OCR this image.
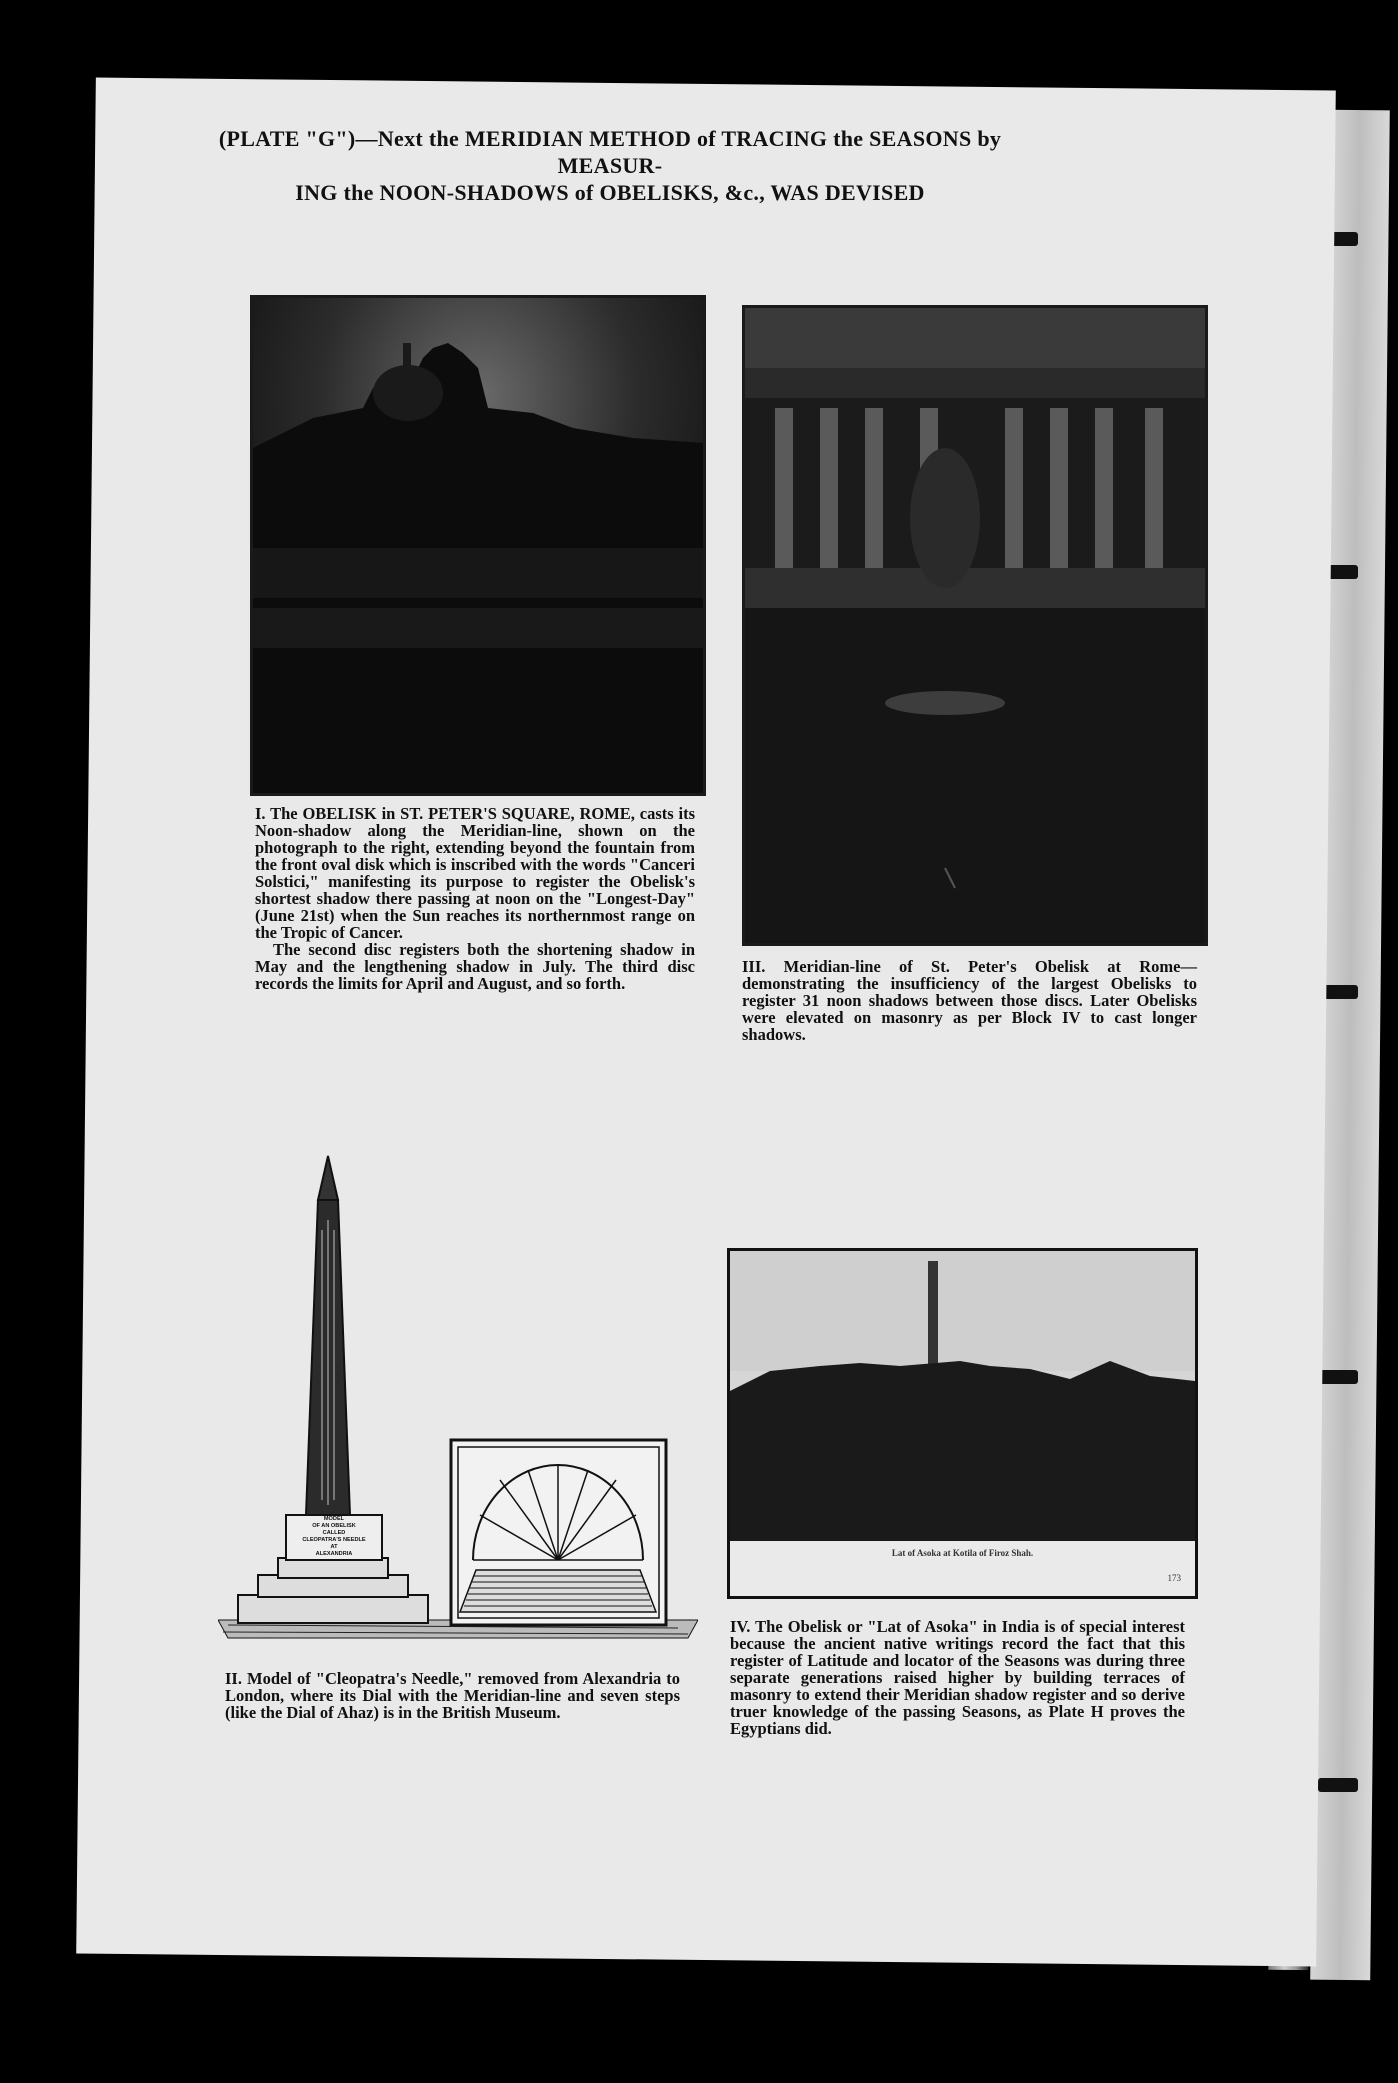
(PLATE "G")—Next the MERIDIAN METHOD of TRACING the SEASONS by MEASUR-
ING the NOON-SHADOWS of OBELISKS, &c., WAS DEVISED

I. The OBELISK in ST. PETER'S SQUARE, ROME, casts its Noon-shadow along the Meridian-line, shown on the photograph to the right, extending beyond the fountain from the front oval disk which is inscribed with the words "Canceri Solstici," manifesting its purpose to register the Obelisk's shortest shadow there passing at noon on the "Longest-Day" (June 21st) when the Sun reaches its northernmost range on the Tropic of Cancer.

The second disc registers both the shortening shadow in May and the lengthening shadow in July. The third disc records the limits for April and August, and so forth.

III. Meridian-line of St. Peter's Obelisk at Rome—demonstrating the insufficiency of the largest Obelisks to register 31 noon shadows between those discs. Later Obelisks were elevated on masonry as per Block IV to cast longer shadows.

MODEL
OF AN OBELISK
CALLED
CLEOPATRA'S NEEDLE
AT
ALEXANDRIA

II. Model of "Cleopatra's Needle," removed from Alexandria to London, where its Dial with the Meridian-line and seven steps (like the Dial of Ahaz) is in the British Museum.

Lat of Asoka at Kotila of Firoz Shah.
173

IV. The Obelisk or "Lat of Asoka" in India is of special interest because the ancient native writings record the fact that this register of Latitude and locator of the Seasons was during three separate generations raised higher by building terraces of masonry to extend their Meridian shadow register and so derive truer knowledge of the passing Seasons, as Plate H proves the Egyptians did.
